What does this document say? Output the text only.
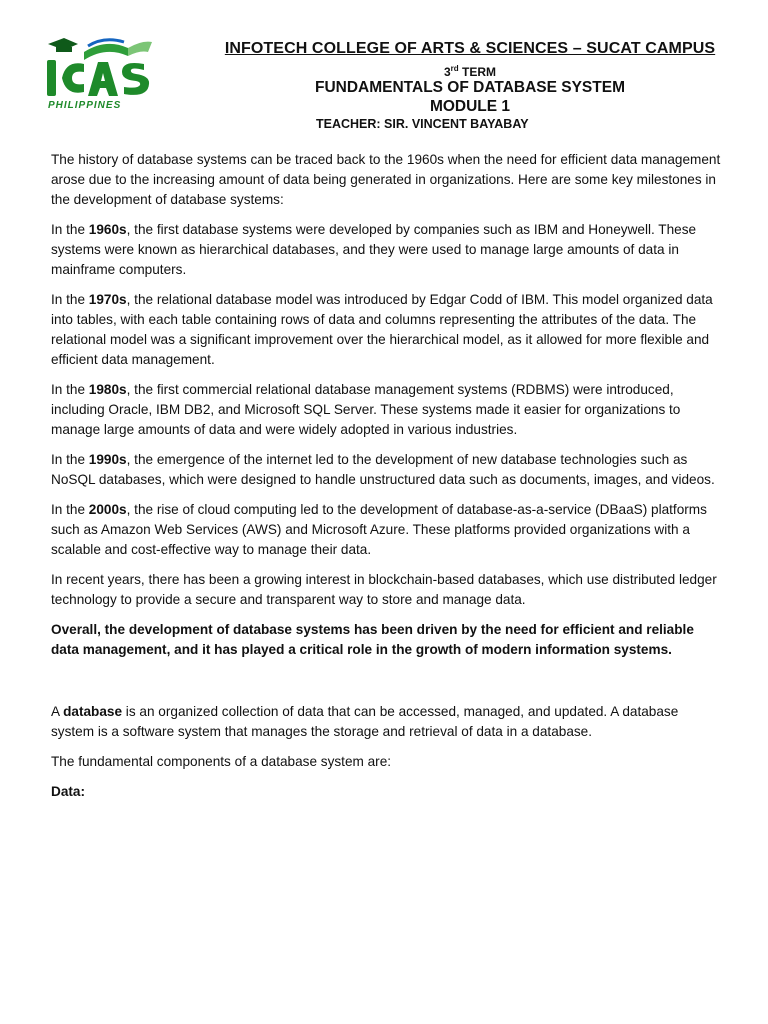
PHILIPPINES
INFOTECH COLLEGE OF ARTS & SCIENCES – SUCAT CAMPUS
3rd TERM
FUNDAMENTALS OF DATABASE SYSTEM
MODULE 1
TEACHER: SIR. VINCENT BAYABAY

The history of database systems can be traced back to the 1960s when the need for efficient data management arose due to the increasing amount of data being generated in organizations. Here are some key milestones in the development of database systems:

In the 1960s, the first database systems were developed by companies such as IBM and Honeywell. These systems were known as hierarchical databases, and they were used to manage large amounts of data in mainframe computers.

In the 1970s, the relational database model was introduced by Edgar Codd of IBM. This model organized data into tables, with each table containing rows of data and columns representing the attributes of the data. The relational model was a significant improvement over the hierarchical model, as it allowed for more flexible and efficient data management.

In the 1980s, the first commercial relational database management systems (RDBMS) were introduced, including Oracle, IBM DB2, and Microsoft SQL Server. These systems made it easier for organizations to manage large amounts of data and were widely adopted in various industries.

In the 1990s, the emergence of the internet led to the development of new database technologies such as NoSQL databases, which were designed to handle unstructured data such as documents, images, and videos.

In the 2000s, the rise of cloud computing led to the development of database-as-a-service (DBaaS) platforms such as Amazon Web Services (AWS) and Microsoft Azure. These platforms provided organizations with a scalable and cost-effective way to manage their data.

In recent years, there has been a growing interest in blockchain-based databases, which use distributed ledger technology to provide a secure and transparent way to store and manage data.

Overall, the development of database systems has been driven by the need for efficient and reliable data management, and it has played a critical role in the growth of modern information systems.

A database is an organized collection of data that can be accessed, managed, and updated. A database system is a software system that manages the storage and retrieval of data in a database.

The fundamental components of a database system are:

Data:
